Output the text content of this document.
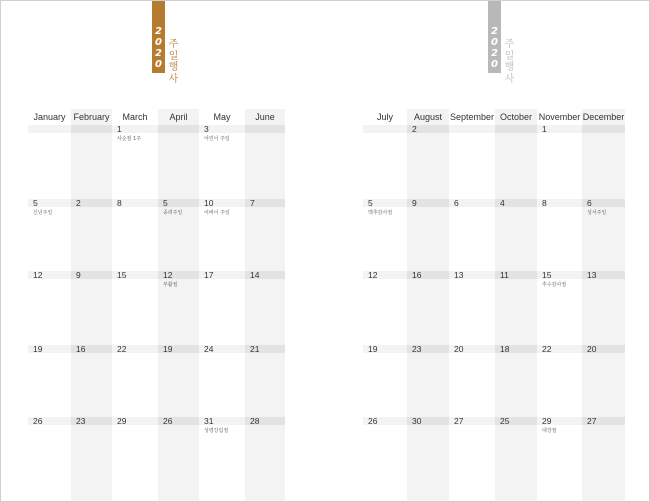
2
0
2
0
주
일
행
사
January
5
신년주일
12
19
26
February
2
9
16
23
March
1
사순절 1주
8
15
22
29
April
5
종려주일
12
부활절
19
26
May
3
어린이 주일
10
어버이 주일
17
24
31
성령강림절
June
7
14
21
28
2
0
2
0
주
일
행
사
July
5
맥추감사절
12
19
26
August
2
9
16
23
30
September
6
13
20
27
October
4
11
18
25
November
1
8
15
추수감사절
22
29
대강절
December
6
성서주일
13
20
27
